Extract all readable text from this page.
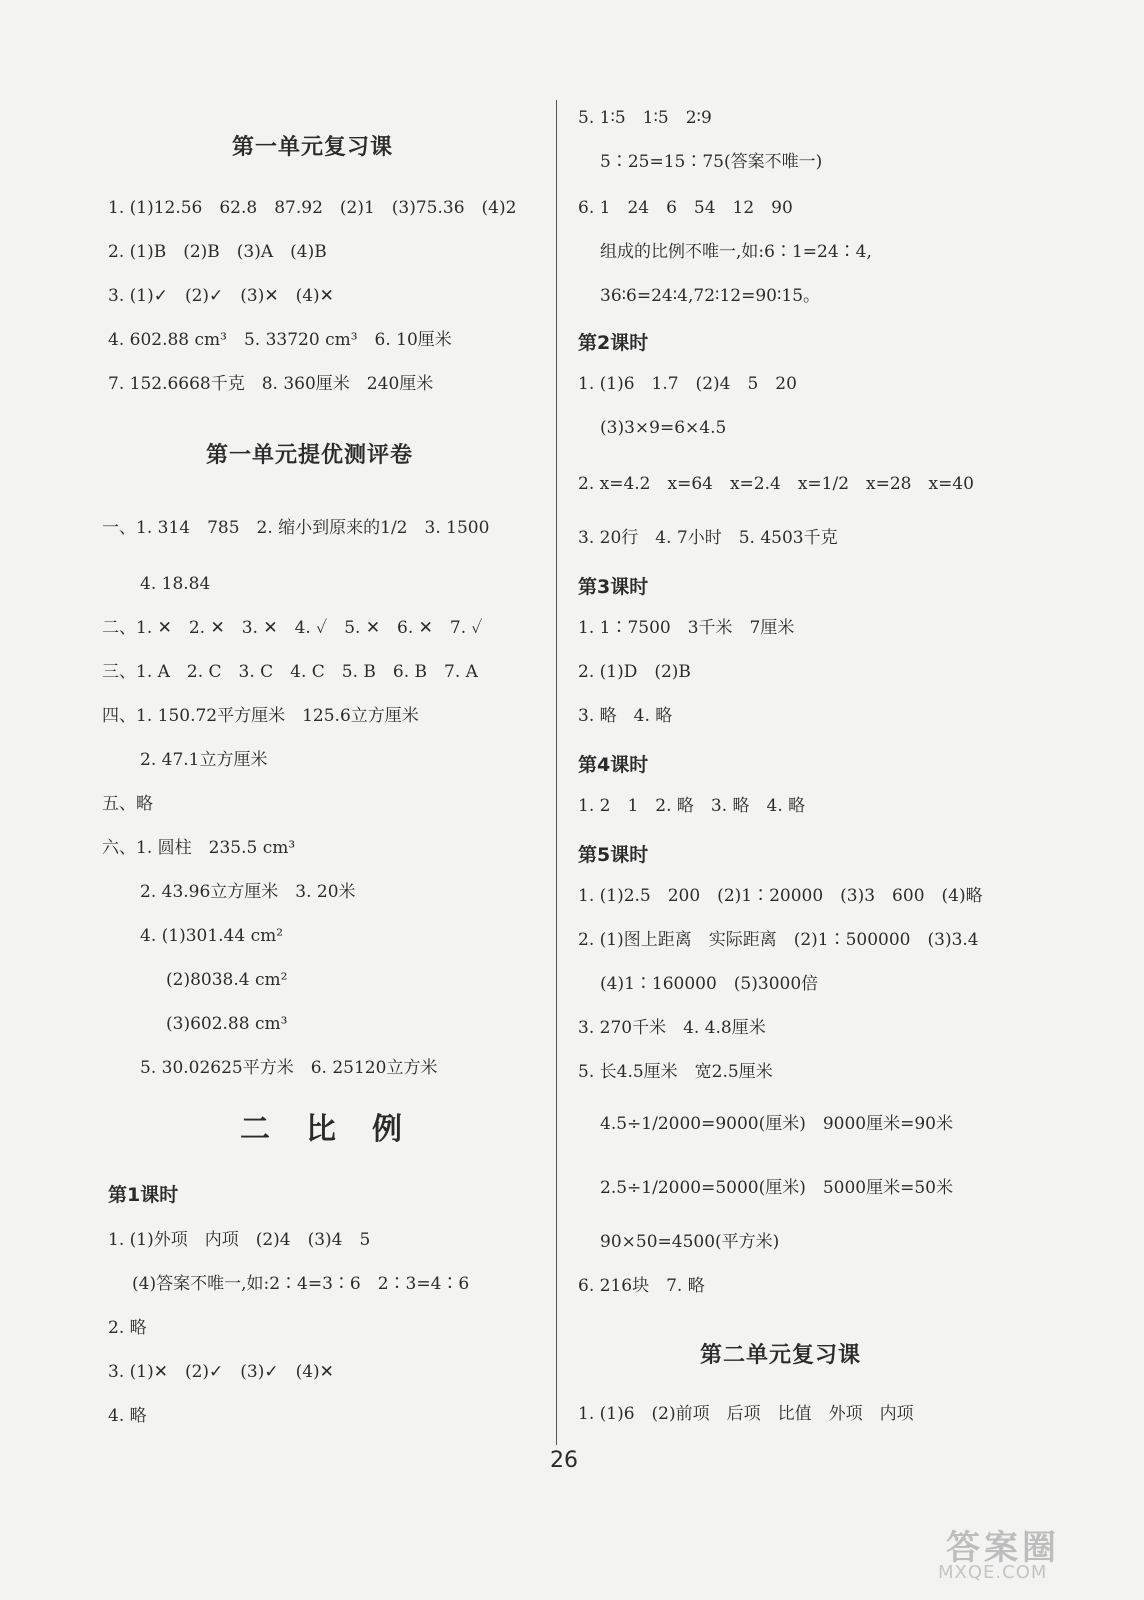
第一单元复习课
1. (1)12.56　62.8　87.92　(2)1　(3)75.36　(4)2
2. (1)B　(2)B　(3)A　(4)B
3. (1)✓　(2)✓　(3)✕　(4)✕
4. 602.88 cm³　5. 33720 cm³　6. 10厘米
7. 152.6668千克　8. 360厘米　240厘米
第一单元提优测评卷
一、1. 314　785　2. 缩小到原来的1/2　3. 1500
4. 18.84
二、1. ✕　2. ✕　3. ✕　4. ✓　5. ✕　6. ✕　7. ✓
三、1. A　2. C　3. C　4. C　5. B　6. B　7. A
四、1. 150.72平方厘米　125.6立方厘米
2. 47.1立方厘米
五、略
六、1. 圆柱　235.5 cm³
2. 43.96立方厘米　3. 20米
4. (1)301.44 cm²
(2)8038.4 cm²
(3)602.88 cm³
5. 30.02625平方米　6. 25120立方米
二比例
第1课时
1. (1)外项　内项　(2)4　(3)4　5
(4)答案不唯一,如:2∶4=3∶6　2∶3=4∶6
2. 略
3. (1)✕　(2)✓　(3)✓　(4)✕
4. 略
5. 1∶5　1∶5　2∶9
5∶25=15∶75(答案不唯一)
6. 1　24　6　54　12　90
组成的比例不唯一,如:6∶1=24∶4,
36∶6=24∶4,72∶12=90∶15。
第2课时
1. (1)6　1.7　(2)4　5　20
(3)3×9=6×4.5
2. x=4.2　x=64　x=2.4　x=1/2　x=28　x=40
3. 20行　4. 7小时　5. 4503千克
第3课时
1. 1∶7500　3千米　7厘米
2. (1)D　(2)B
3. 略　4. 略
第4课时
1. 2　1　2. 略　3. 略　4. 略
第5课时
1. (1)2.5　200　(2)1∶20000　(3)3　600　(4)略
2. (1)图上距离　实际距离　(2)1∶500000　(3)3.4
(4)1∶160000　(5)3000倍
3. 270千米　4. 4.8厘米
5. 长4.5厘米　宽2.5厘米
4.5÷1/2000=9000(厘米)　9000厘米=90米
2.5÷1/2000=5000(厘米)　5000厘米=50米
90×50=4500(平方米)
6. 216块　7. 略
第二单元复习课
1. (1)6　(2)前项　后项　比值　外项　内项
26
答案圈
MXQE.COM
